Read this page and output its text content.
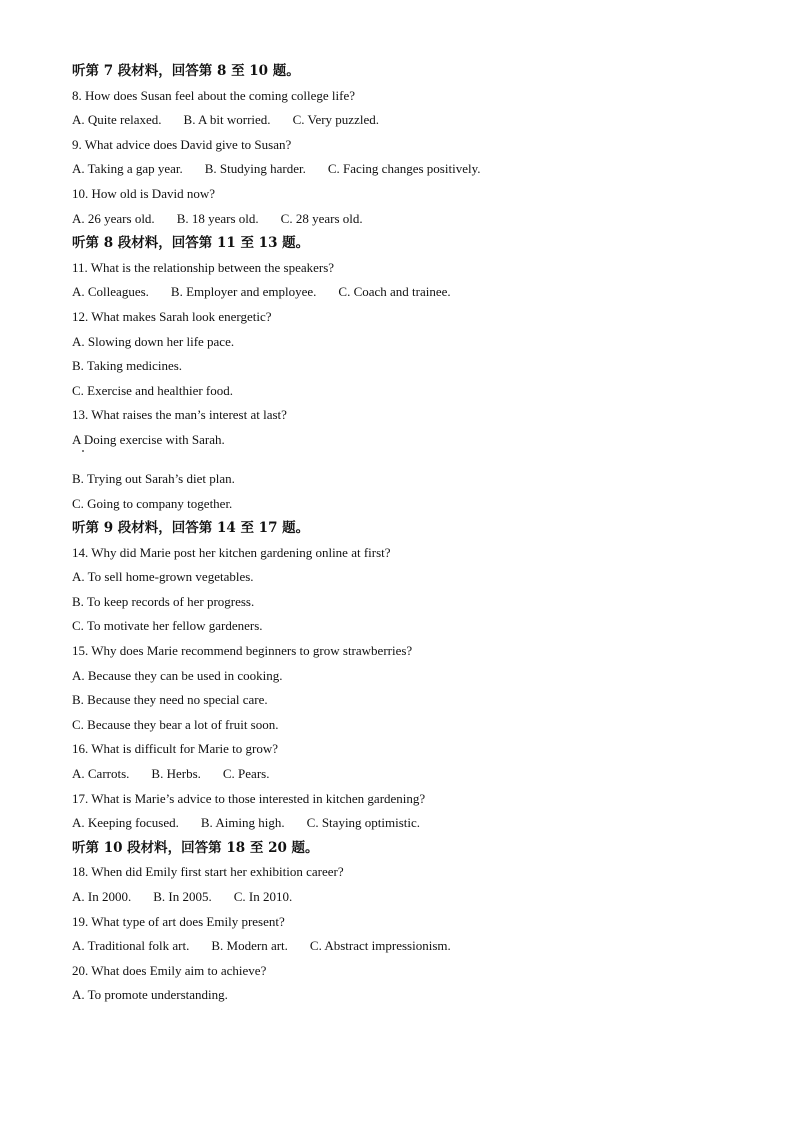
听第 7 段材料，回答第 8 至 10 题。
8. How does Susan feel about the coming college life?
A. Quite relaxed. B. A bit worried. C. Very puzzled.
9. What advice does David give to Susan?
A. Taking a gap year. B. Studying harder. C. Facing changes positively.
10. How old is David now?
A. 26 years old. B. 18 years old. C. 28 years old.
听第 8 段材料，回答第 11 至 13 题。
11. What is the relationship between the speakers?
A. Colleagues. B. Employer and employee. C. Coach and trainee.
12. What makes Sarah look energetic?
A. Slowing down her life pace.
B. Taking medicines.
C. Exercise and healthier food.
13. What raises the man’s interest at last?
A Doing exercise with Sarah.
B. Trying out Sarah’s diet plan.
C. Going to company together.
听第 9 段材料，回答第 14 至 17 题。
14. Why did Marie post her kitchen gardening online at first?
A. To sell home-grown vegetables.
B. To keep records of her progress.
C. To motivate her fellow gardeners.
15. Why does Marie recommend beginners to grow strawberries?
A. Because they can be used in cooking.
B. Because they need no special care.
C. Because they bear a lot of fruit soon.
16. What is difficult for Marie to grow?
A. Carrots. B. Herbs. C. Pears.
17. What is Marie’s advice to those interested in kitchen gardening?
A. Keeping focused. B. Aiming high. C. Staying optimistic.
听第 10 段材料，回答第 18 至 20 题。
18. When did Emily first start her exhibition career?
A. In 2000. B. In 2005. C. In 2010.
19. What type of art does Emily present?
A. Traditional folk art. B. Modern art. C. Abstract impressionism.
20. What does Emily aim to achieve?
A. To promote understanding.
